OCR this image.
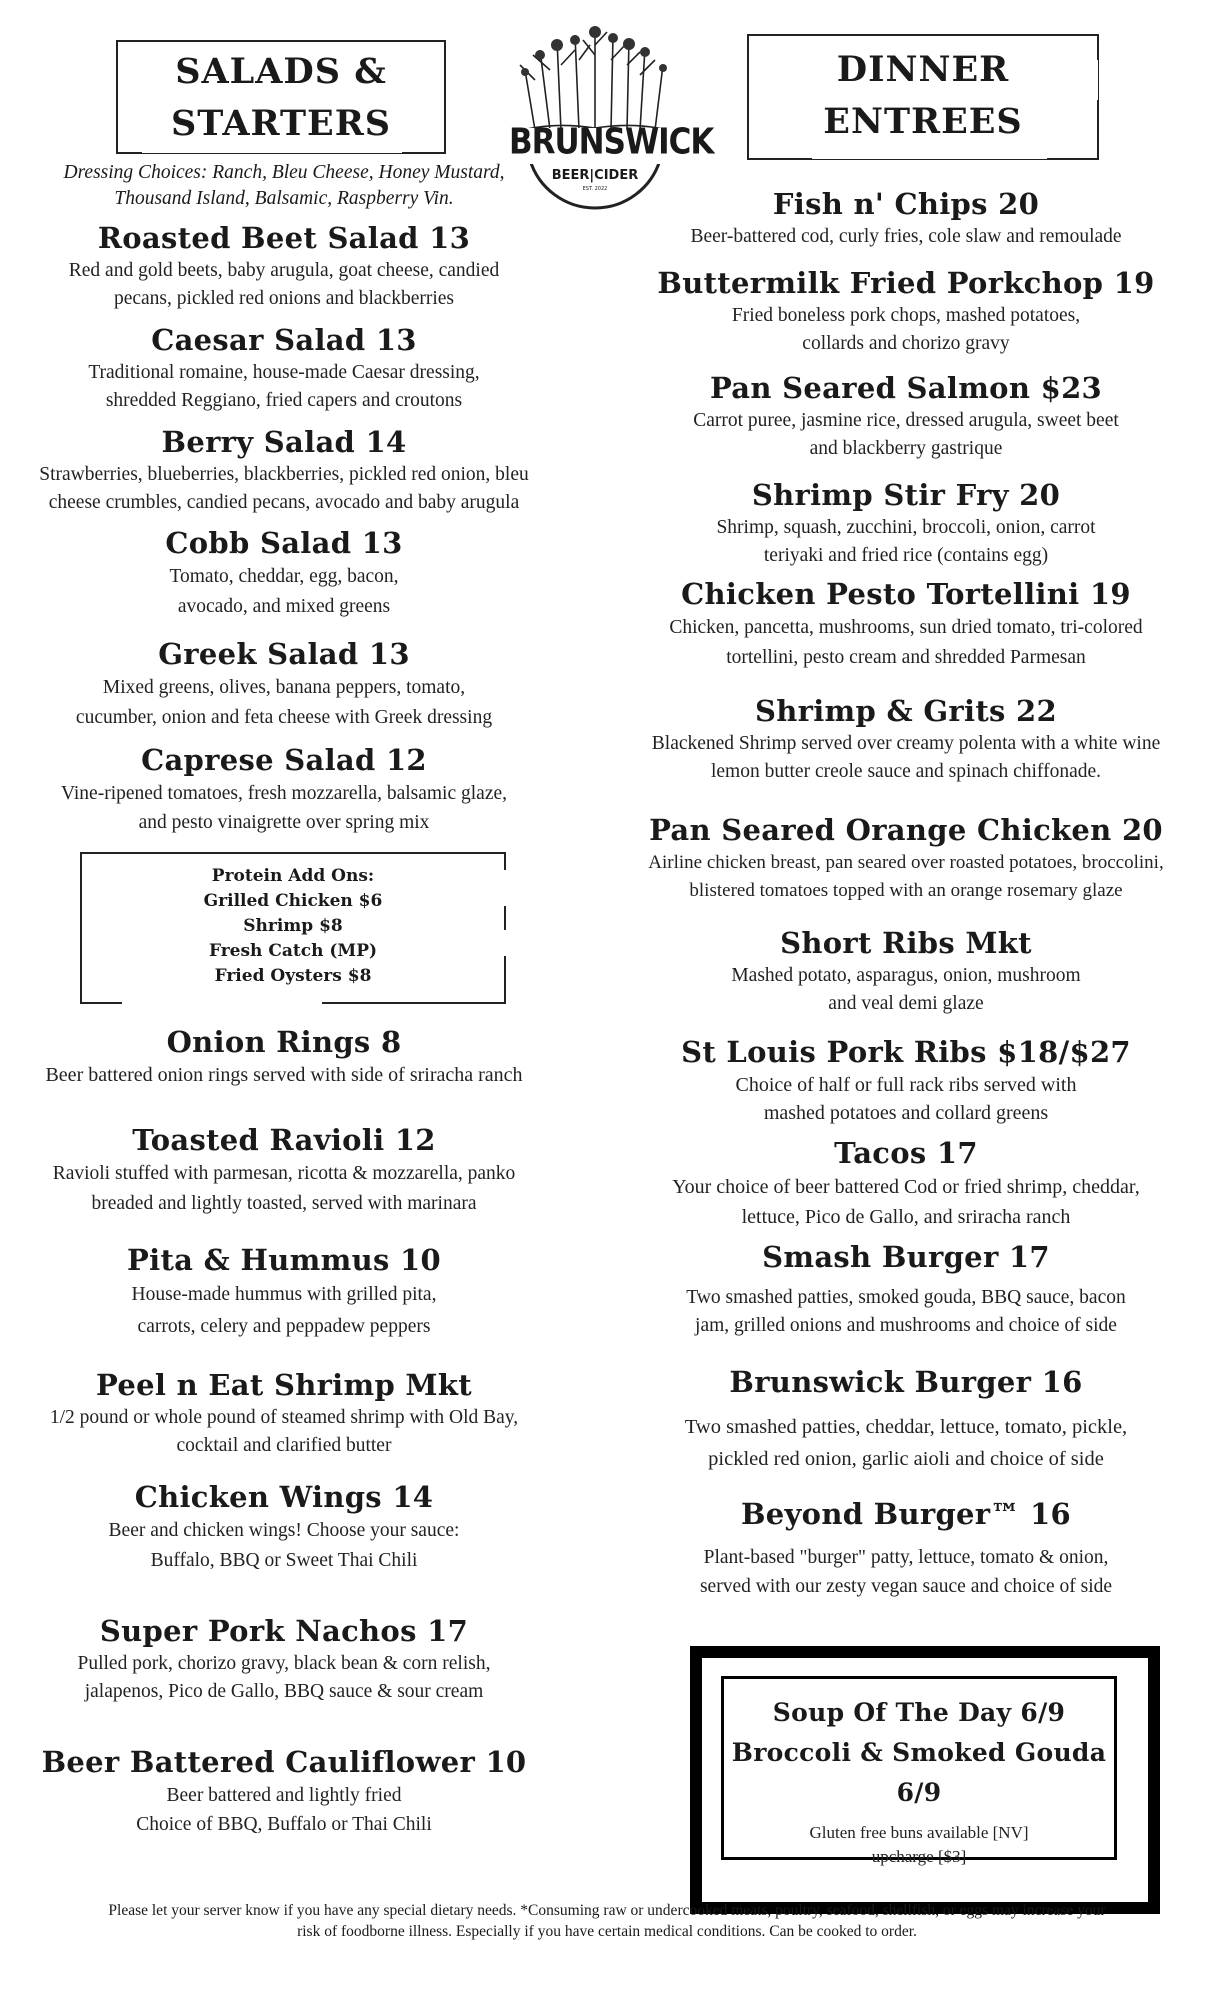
SALADS &
STARTERS	BRUNSWICK
BEER|CIDER
EST. 2022
DINNER
ENTREES
Dressing Choices: Ranch, Bleu Cheese, Honey Mustard,
Thousand Island, Balsamic, Raspberry Vin.
Roasted Beet Salad 13
Red and gold beets, baby arugula, goat cheese, candied
pecans, pickled red onions and blackberries
Caesar Salad 13
Traditional romaine, house-made Caesar dressing,
shredded Reggiano, fried capers and croutons
Berry Salad 14
Strawberries, blueberries, blackberries, pickled red onion, bleu
cheese crumbles, candied pecans, avocado and baby arugula
Cobb Salad 13
Tomato, cheddar, egg, bacon,
avocado, and mixed greens
Greek Salad 13
Mixed greens, olives, banana peppers, tomato,
cucumber, onion and feta cheese with Greek dressing
Caprese Salad 12
Vine-ripened tomatoes, fresh mozzarella, balsamic glaze,
and pesto vinaigrette over spring mix
Protein Add Ons:
Grilled Chicken $6
Shrimp $8
Fresh Catch (MP)
Fried Oysters $8
Onion Rings 8
Beer battered onion rings served with side of sriracha ranch
Toasted Ravioli 12
Ravioli stuffed with parmesan, ricotta & mozzarella, panko
breaded and lightly toasted, served with marinara
Pita & Hummus 10
House-made hummus with grilled pita,
carrots, celery and peppadew peppers
Peel n Eat Shrimp Mkt
1/2 pound or whole pound of steamed shrimp with Old Bay,
cocktail and clarified butter
Chicken Wings 14
Beer and chicken wings! Choose your sauce:
Buffalo, BBQ or Sweet Thai Chili
Super Pork Nachos 17
Pulled pork, chorizo gravy, black bean & corn relish,
jalapenos, Pico de Gallo, BBQ sauce & sour cream
Beer Battered Cauliflower 10
Beer battered and lightly fried
Choice of BBQ, Buffalo or Thai Chili
Fish n' Chips 20
Beer-battered cod, curly fries, cole slaw and remoulade
Buttermilk Fried Porkchop 19
Fried boneless pork chops, mashed potatoes,
collards and chorizo gravy
Pan Seared Salmon $23
Carrot puree, jasmine rice, dressed arugula, sweet beet
and blackberry gastrique
Shrimp Stir Fry 20
Shrimp, squash, zucchini, broccoli, onion, carrot
teriyaki and fried rice (contains egg)
Chicken Pesto Tortellini 19
Chicken, pancetta, mushrooms, sun dried tomato, tri-colored
tortellini, pesto cream and shredded Parmesan
Shrimp & Grits 22
Blackened Shrimp served over creamy polenta with a white wine
lemon butter creole sauce and spinach chiffonade.
Pan Seared Orange Chicken 20
Airline chicken breast, pan seared over roasted potatoes, broccolini,
blistered tomatoes topped with an orange rosemary glaze
Short Ribs Mkt
Mashed potato, asparagus, onion, mushroom
and veal demi glaze
St Louis Pork Ribs $18/$27
Choice of half or full rack ribs served with
mashed potatoes and collard greens
Tacos 17
Your choice of beer battered Cod or fried shrimp, cheddar,
lettuce, Pico de Gallo, and sriracha ranch
Smash Burger 17
Two smashed patties, smoked gouda, BBQ sauce, bacon
jam, grilled onions and mushrooms and choice of side
Brunswick Burger 16
Two smashed patties, cheddar, lettuce, tomato, pickle,
pickled red onion, garlic aioli and choice of side
Beyond Burger™ 16
Plant-based "burger" patty, lettuce, tomato & onion,
served with our zesty vegan sauce and choice of side
Soup Of The Day 6/9
Broccoli & Smoked Gouda 6/9
Gluten free buns available [NV]
upcharge [$3]
Please let your server know if you have any special dietary needs. *Consuming raw or undercooked meats, poultry, seafood, shellfish, or eggs may increase your
risk of foodborne illness. Especially if you have certain medical conditions. Can be cooked to order.
